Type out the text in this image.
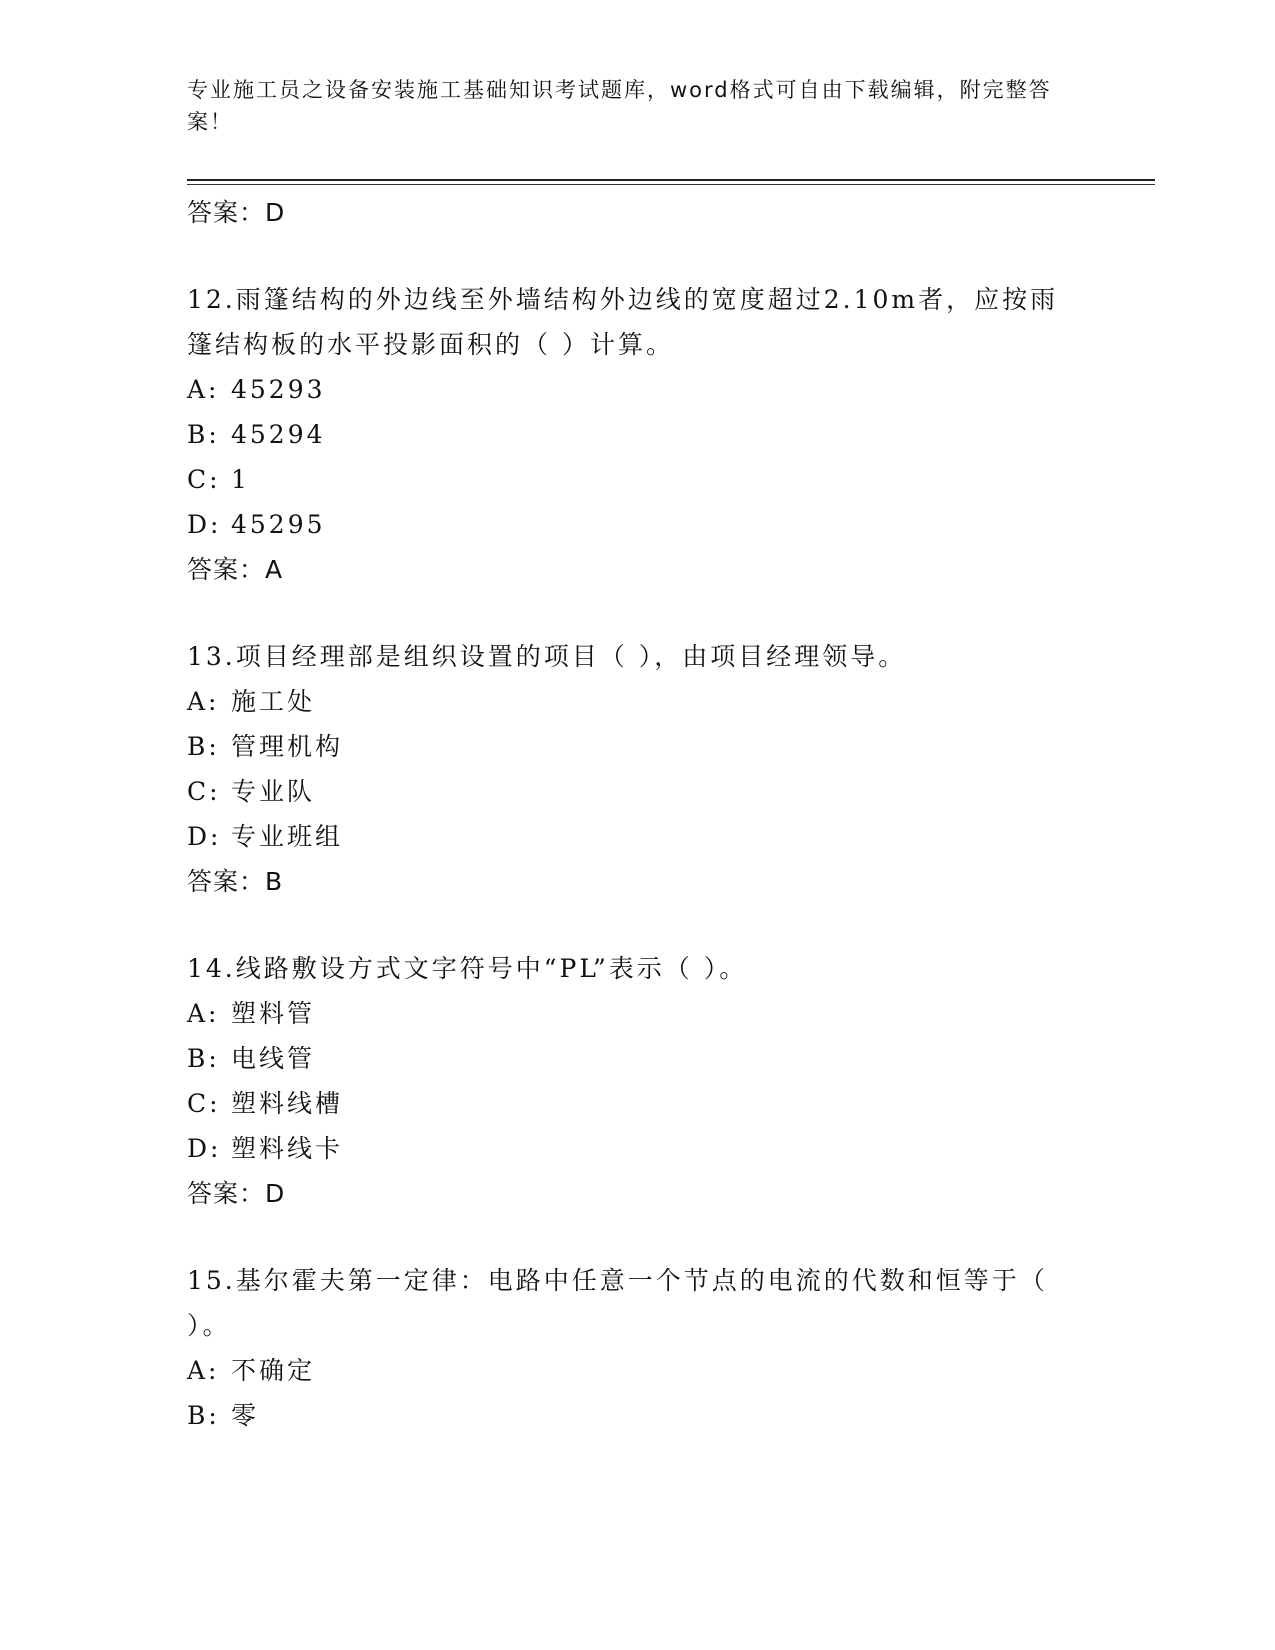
专业施工员之设备安装施工基础知识考试题库，word格式可自由下载编辑，附完整答案！
答案：D
12.雨篷结构的外边线至外墙结构外边线的宽度超过2.10m者，应按雨篷结构板的水平投影面积的（ ）计算。
A: 45293
B: 45294
C: 1
D: 45295
答案：A
13.项目经理部是组织设置的项目（ ），由项目经理领导。
A: 施工处
B: 管理机构
C: 专业队
D: 专业班组
答案：B
14.线路敷设方式文字符号中“PL”表示（ ）。
A: 塑料管
B: 电线管
C: 塑料线槽
D: 塑料线卡
答案：D
15.基尔霍夫第一定律：电路中任意一个节点的电流的代数和恒等于（ ）。
A: 不确定
B: 零
